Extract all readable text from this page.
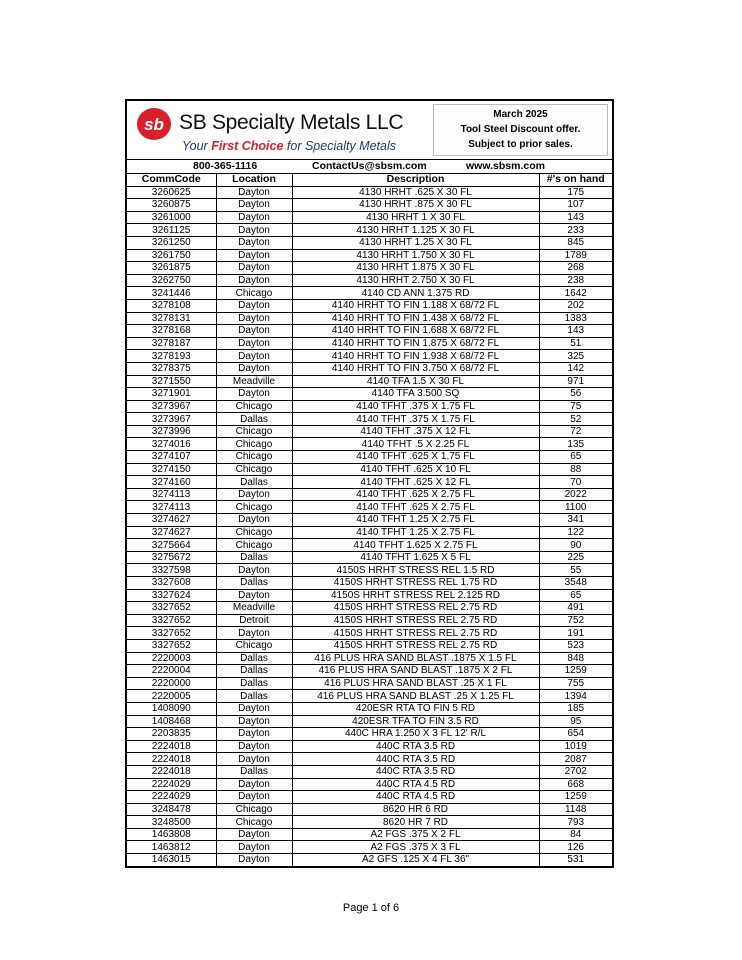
sb SB Specialty Metals LLC
Your First Choice for Specialty Metals
March 2025
Tool Steel Discount offer.
Subject to prior sales.
800-365-1116	ContactUs@sbsm.com	www.sbsm.com
CommCode	Location	Description	#'s on hand
3260625	Dayton	4130 HRHT .625 X 30 FL	175
3260875	Dayton	4130 HRHT .875 X 30 FL	107
3261000	Dayton	4130 HRHT 1 X 30 FL	143
3261125	Dayton	4130 HRHT 1.125 X 30 FL	233
3261250	Dayton	4130 HRHT 1.25 X 30 FL	845
3261750	Dayton	4130 HRHT 1.750 X 30 FL	1789
3261875	Dayton	4130 HRHT 1.875 X 30 FL	268
3262750	Dayton	4130 HRHT 2.750 X 30 FL	238
3241446	Chicago	4140 CD ANN 1.375 RD	1642
3278108	Dayton	4140 HRHT TO FIN 1.188 X 68/72 FL	202
3278131	Dayton	4140 HRHT TO FIN 1.438 X 68/72 FL	1383
3278168	Dayton	4140 HRHT TO FIN 1.688 X 68/72 FL	143
3278187	Dayton	4140 HRHT TO FIN 1.875 X 68/72 FL	51
3278193	Dayton	4140 HRHT TO FIN 1.938 X 68/72 FL	325
3278375	Dayton	4140 HRHT TO FIN 3.750 X 68/72 FL	142
3271550	Meadville	4140 TFA 1.5 X 30 FL	971
3271901	Dayton	4140 TFA 3.500 SQ	56
3273967	Chicago	4140 TFHT .375 X 1.75 FL	75
3273967	Dallas	4140 TFHT .375 X 1.75 FL	52
3273996	Chicago	4140 TFHT .375 X 12 FL	72
3274016	Chicago	4140 TFHT .5 X 2.25 FL	135
3274107	Chicago	4140 TFHT .625 X 1.75 FL	65
3274150	Chicago	4140 TFHT .625 X 10 FL	88
3274160	Dallas	4140 TFHT .625 X 12 FL	70
3274113	Dayton	4140 TFHT .625 X 2.75 FL	2022
3274113	Chicago	4140 TFHT .625 X 2.75 FL	1100
3274627	Dayton	4140 TFHT 1.25 X 2.75 FL	341
3274627	Chicago	4140 TFHT 1.25 X 2.75 FL	122
3275664	Chicago	4140 TFHT 1.625 X 2.75 FL	90
3275672	Dallas	4140 TFHT 1.625 X 5 FL	225
3327598	Dayton	4150S HRHT STRESS REL 1.5 RD	55
3327608	Dallas	4150S HRHT STRESS REL 1.75 RD	3548
3327624	Dayton	4150S HRHT STRESS REL 2.125 RD	65
3327652	Meadville	4150S HRHT STRESS REL 2.75 RD	491
3327652	Detroit	4150S HRHT STRESS REL 2.75 RD	752
3327652	Dayton	4150S HRHT STRESS REL 2.75 RD	191
3327652	Chicago	4150S HRHT STRESS REL 2.75 RD	523
2220003	Dallas	416 PLUS HRA SAND BLAST .1875 X 1.5 FL	848
2220004	Dallas	416 PLUS HRA SAND BLAST .1875 X 2 FL	1259
2220000	Dallas	416 PLUS HRA SAND BLAST .25 X 1 FL	755
2220005	Dallas	416 PLUS HRA SAND BLAST .25 X 1.25 FL	1394
1408090	Dayton	420ESR RTA TO FIN 5 RD	185
1408468	Dayton	420ESR TFA TO FIN 3.5 RD	95
2203835	Dayton	440C HRA 1.250 X 3 FL 12' R/L	654
2224018	Dayton	440C RTA 3.5 RD	1019
2224018	Dayton	440C RTA 3.5 RD	2087
2224018	Dallas	440C RTA 3.5 RD	2702
2224029	Dayton	440C RTA 4.5 RD	668
2224029	Dayton	440C RTA 4.5 RD	1259
3248478	Chicago	8620 HR 6 RD	1148
3248500	Chicago	8620 HR 7 RD	793
1463808	Dayton	A2 FGS .375 X 2 FL	84
1463812	Dayton	A2 FGS .375 X 3 FL	126
1463015	Dayton	A2 GFS .125 X 4 FL 36"	531
Page 1 of 6
